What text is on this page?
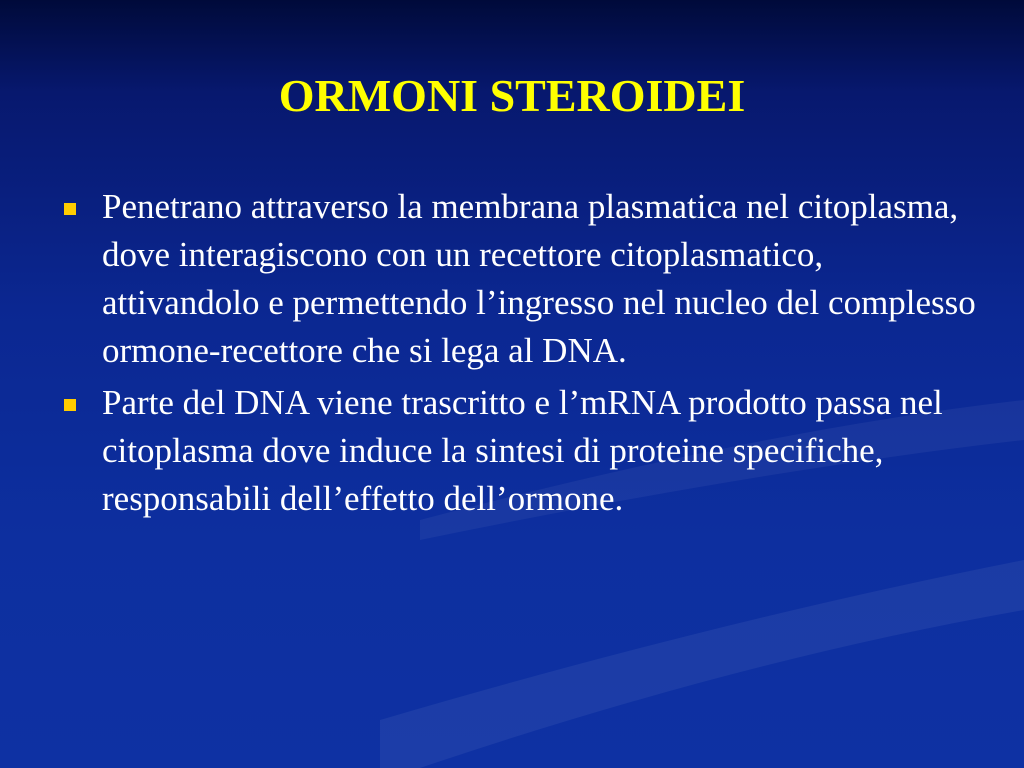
ORMONI STEROIDEI
Penetrano attraverso la membrana plasmatica nel citoplasma, dove interagiscono con un recettore citoplasmatico, attivandolo e permettendo l’ingresso nel nucleo del complesso ormone-recettore che si lega al DNA.
Parte del DNA viene trascritto e l’mRNA prodotto passa nel citoplasma dove induce la sintesi di proteine specifiche, responsabili dell’effetto dell’ormone.
